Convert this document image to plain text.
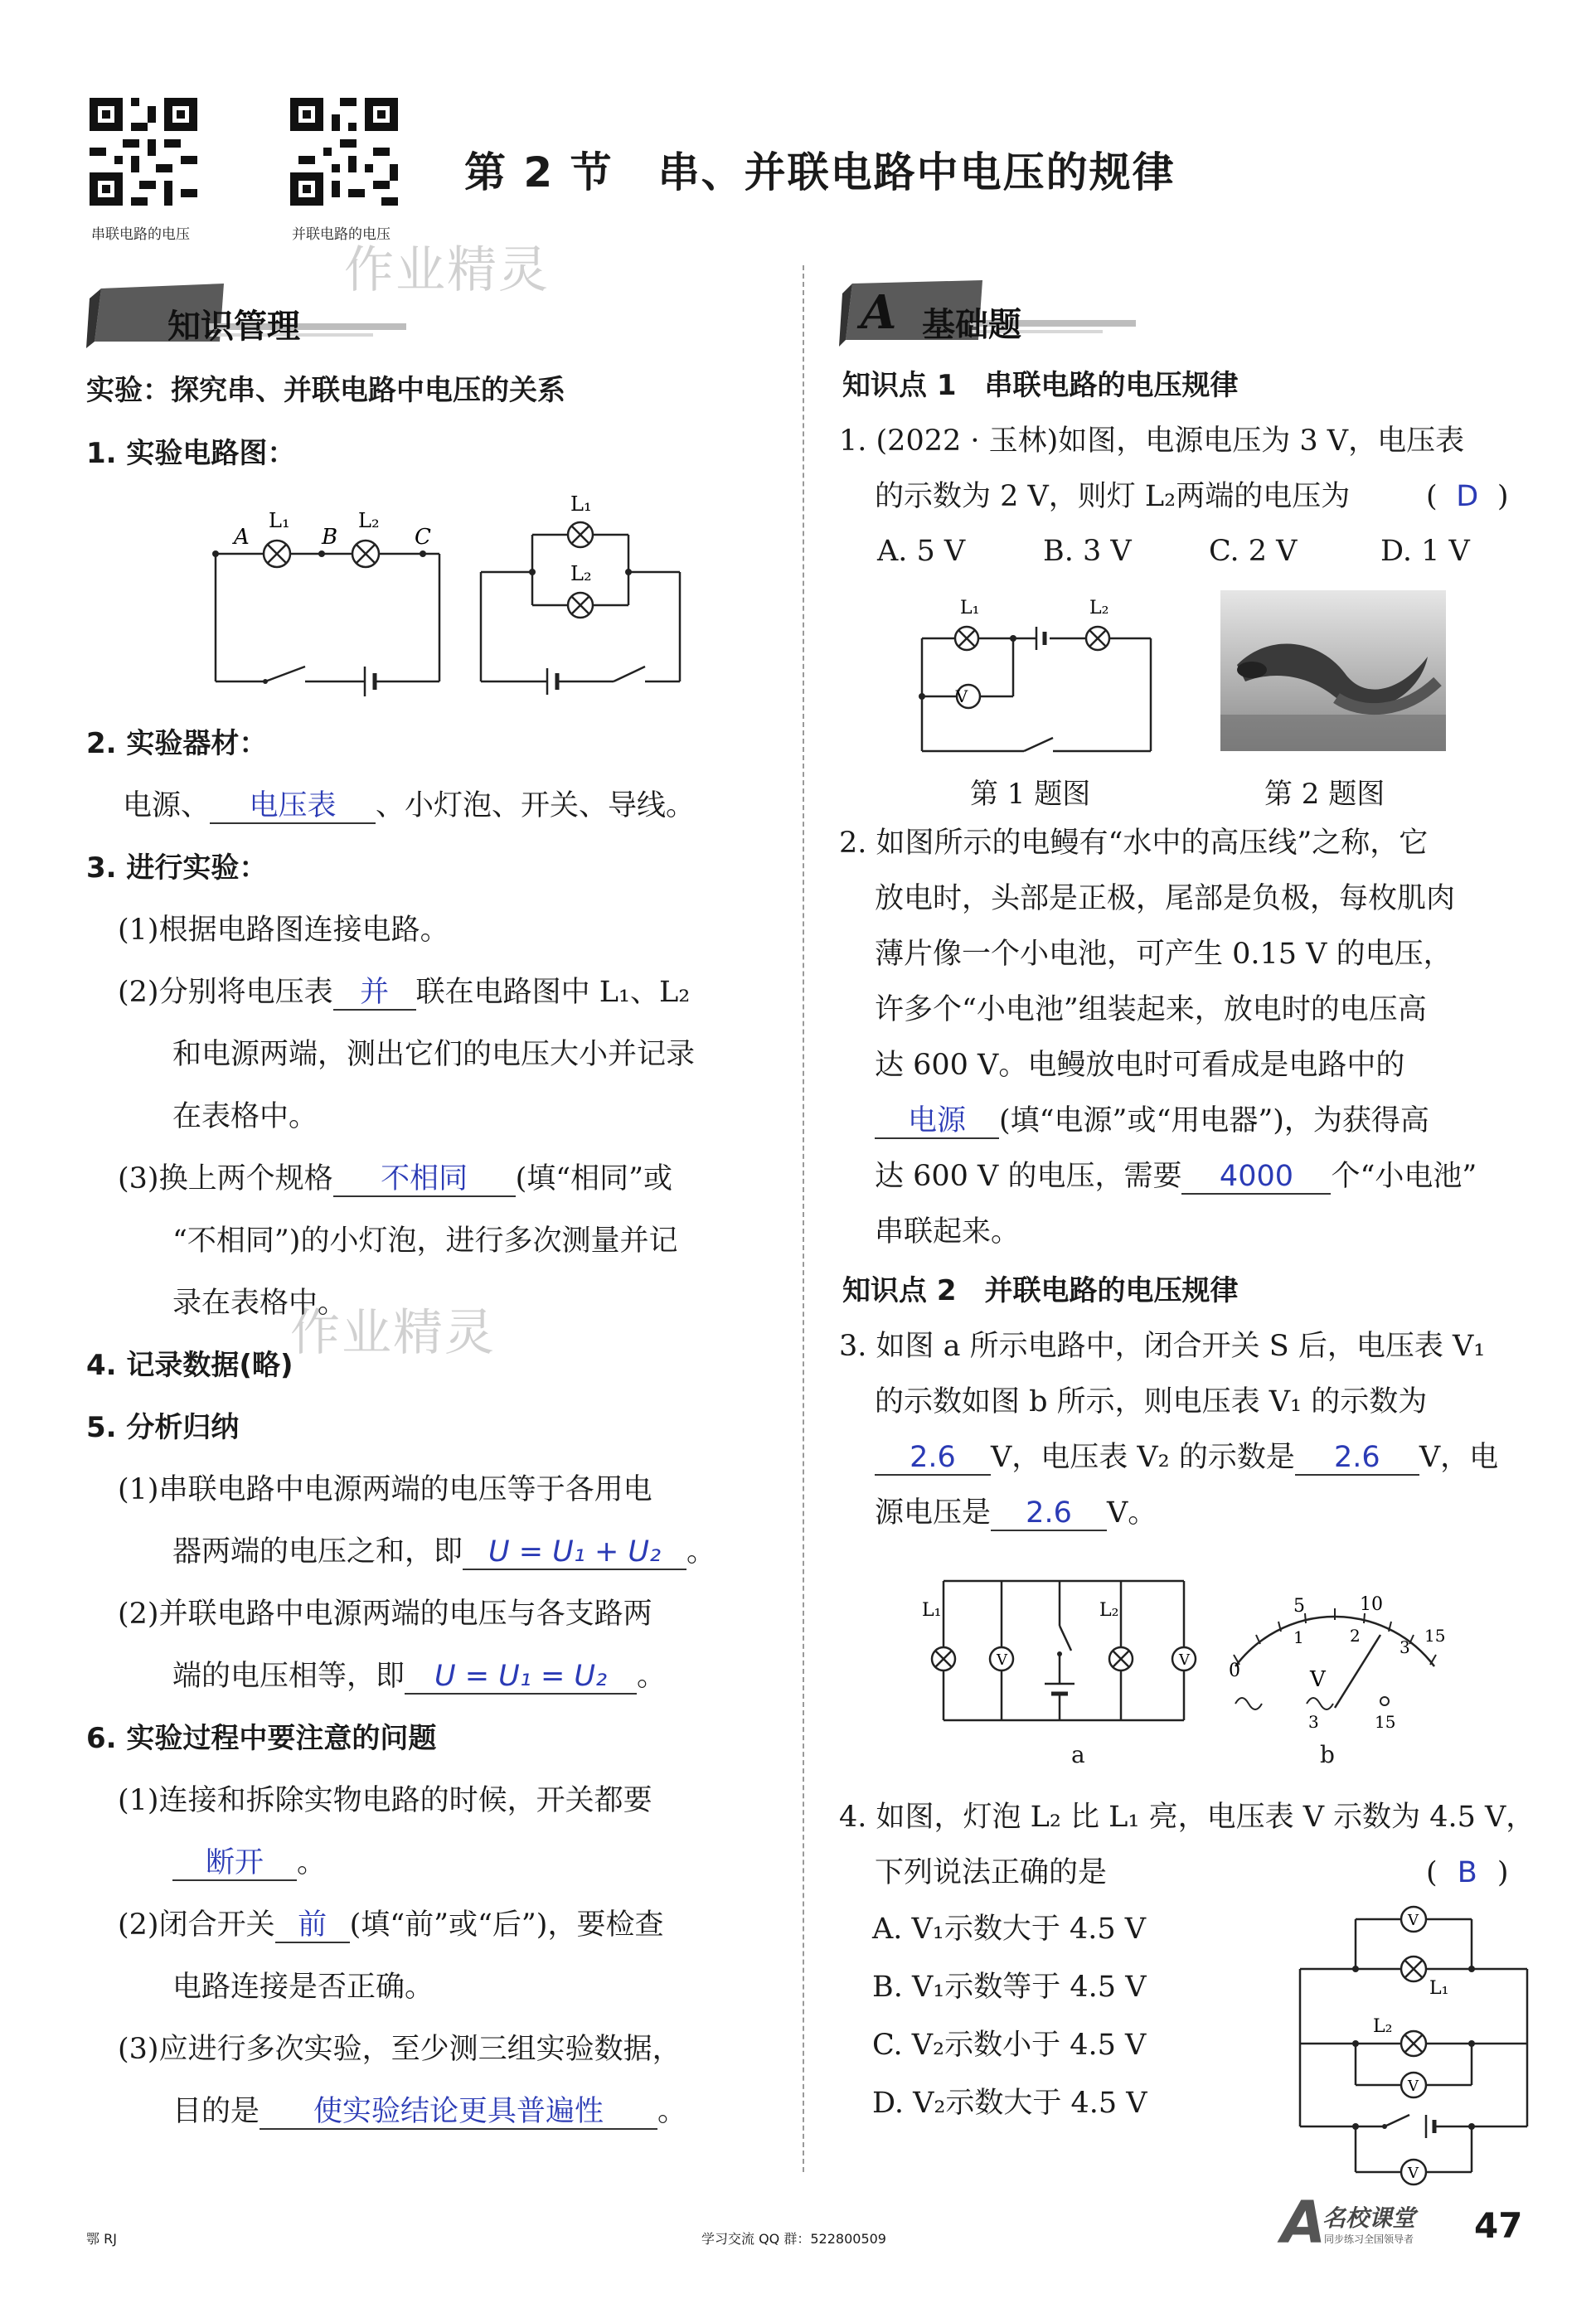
串联电路的电压	并联电路的电压
第 2 节 串、并联电路中电压的规律
作业精灵
作业精灵
知识管理
实验：探究串、并联电路中电压的关系
1. 实验电路图：
A
L₁
B
L₂
C
L₁
L₂
2. 实验器材：
电源、 电压表 、小灯泡、开关、导线。
3. 进行实验：
(1)根据电路图连接电路。
(2)分别将电压表 并 联在电路图中 L₁、L₂
和电源两端，测出它们的电压大小并记录
在表格中。
(3)换上两个规格 不相同 (填“相同”或
“不相同”)的小灯泡，进行多次测量并记
录在表格中。
4. 记录数据(略)
5. 分析归纳
(1)串联电路中电源两端的电压等于各用电
器两端的电压之和，即 U = U₁ + U₂ 。
(2)并联电路中电源两端的电压与各支路两
端的电压相等，即 U = U₁ = U₂ 。
6. 实验过程中要注意的问题
(1)连接和拆除实物电路的时候，开关都要
断开 。
(2)闭合开关 前 (填“前”或“后”)，要检查
电路连接是否正确。
(3)应进行多次实验，至少测三组实验数据，
目的是 使实验结论更具普遍性 。
A 基础题
知识点 1　串联电路的电压规律
1. (2022 · 玉林)如图，电源电压为 3 V，电压表
的示数为 2 V，则灯 L₂两端的电压为	( D )
A. 5 V	B. 3 V	C. 2 V	D. 1 V
V
L₁	L₂
第 1 题图	第 2 题图
2. 如图所示的电鳗有“水中的高压线”之称，它
放电时，头部是正极，尾部是负极，每枚肌肉
薄片像一个小电池，可产生 0.15 V 的电压，
许多个“小电池”组装起来，放电时的电压高
达 600 V。电鳗放电时可看成是电路中的
电源 (填“电源”或“用电器”)，为获得高
达 600 V 的电压，需要 4000 个“小电池”
串联起来。
知识点 2　并联电路的电压规律
3. 如图 a 所示电路中，闭合开关 S 后，电压表 V₁
的示数如图 b 所示，则电压表 V₁ 的示数为
2.6 V，电压表 V₂ 的示数是 2.6 V，电
源电压是 2.6 V。
V	V
L₁	L₂
a
5	10
0
1	2
3
15
V
3	15
b
4. 如图，灯泡 L₂ 比 L₁ 亮，电压表 V 示数为 4.5 V，
下列说法正确的是	( B )
A. V₁示数大于 4.5 V
B. V₁示数等于 4.5 V
C. V₂示数小于 4.5 V
D. V₂示数大于 4.5 V
V
V
V
L₁
L₂
鄂 RJ	学习交流 QQ 群：522800509	A
名校课堂
同步练习全国领导者 47
